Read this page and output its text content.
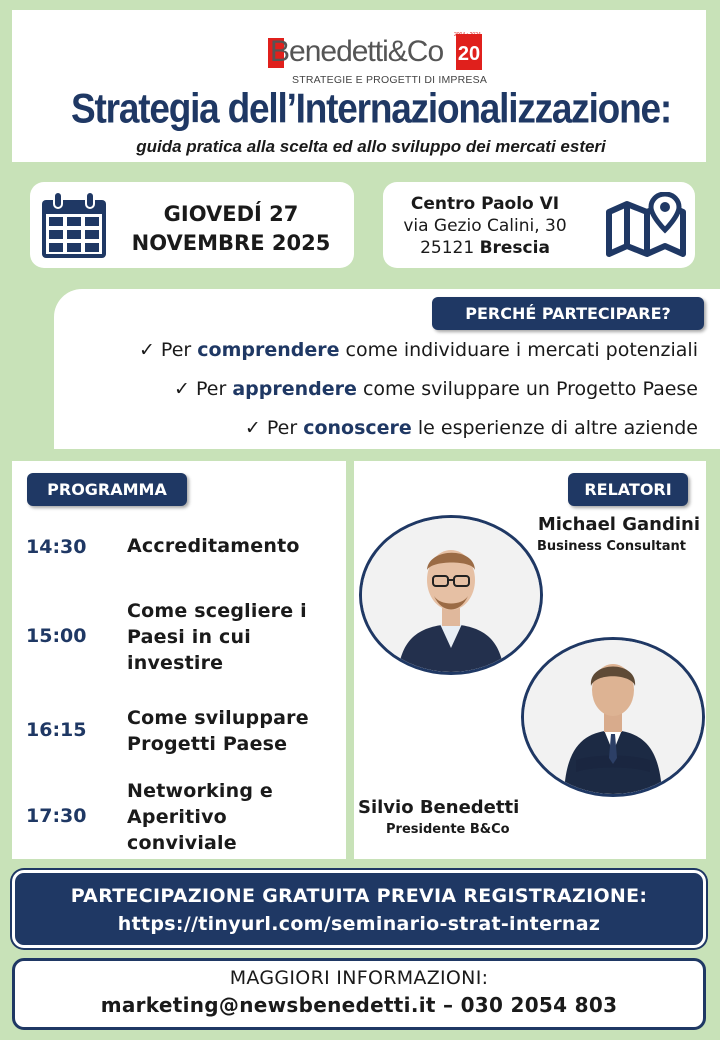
Benedetti&Co 20
2004 • 2024
STRATEGIE E PROGETTI DI IMPRESA
Strategia dell’Internazionalizzazione:
guida pratica alla scelta ed allo sviluppo dei mercati esteri
GIOVEDÍ 27
NOVEMBRE 2025
Centro Paolo VI
via Gezio Calini, 30
25121 Brescia
PERCHÉ PARTECIPARE?
✓ Per comprendere come individuare i mercati potenziali
✓ Per apprendere come sviluppare un Progetto Paese
✓ Per conoscere le esperienze di altre aziende
PROGRAMMA
14:30	Accreditamento
15:00
Come scegliere i Paesi in cui investire
16:15
Come sviluppare Progetti Paese
17:30
Networking e Aperitivo conviviale
RELATORI
Michael Gandini
Business Consultant
Silvio Benedetti
Presidente B&Co
PARTECIPAZIONE GRATUITA PREVIA REGISTRAZIONE:
https://tinyurl.com/seminario-strat-internaz
MAGGIORI INFORMAZIONI:
marketing@newsbenedetti.it – 030 2054 803
